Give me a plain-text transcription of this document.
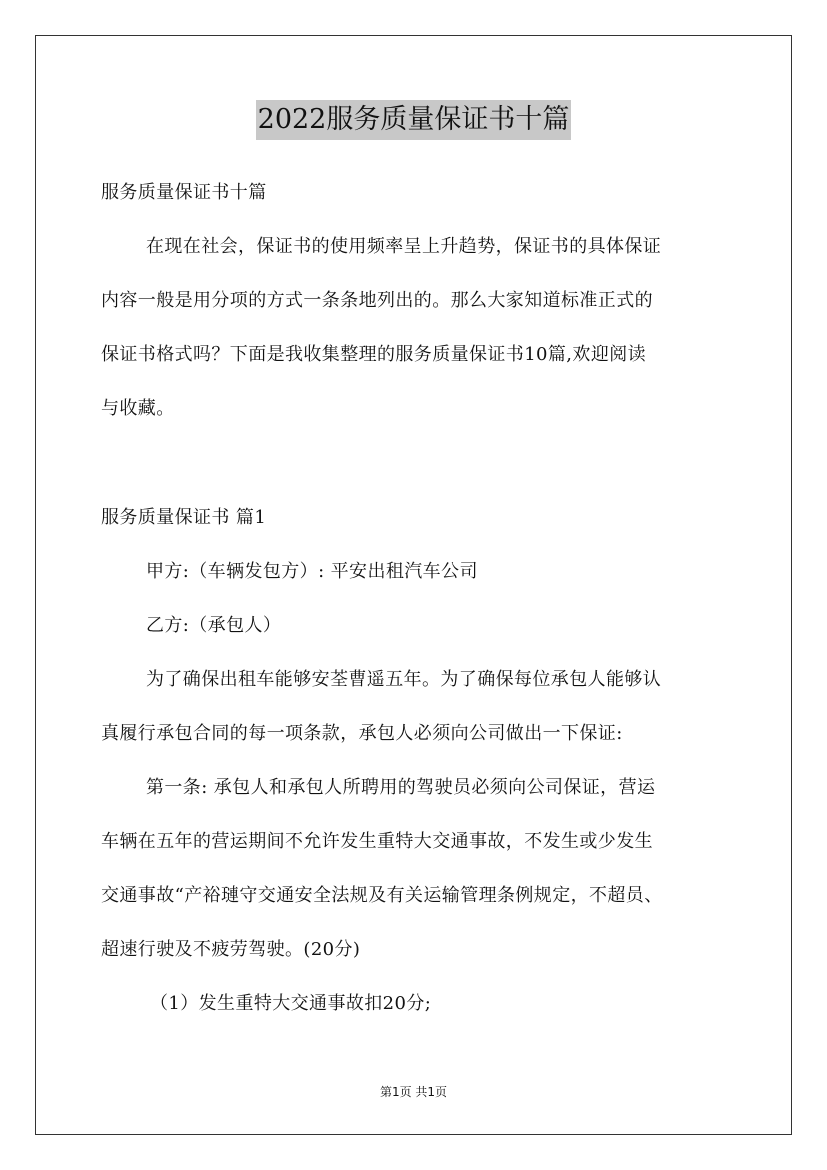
2022服务质量保证书十篇
服务质量保证书十篇
在现在社会，保证书的使用频率呈上升趋势，保证书的具体保证
内容一般是用分项的方式一条条地列出的。那么大家知道标准正式的
保证书格式吗？下面是我收集整理的服务质量保证书10篇,欢迎阅读
与收藏。
服务质量保证书 篇1
甲方:（车辆发包方）: 平安出租汽车公司
乙方:（承包人）
为了确保出租车能够安荃曹遥五年。为了确保每位承包人能够认
真履行承包合同的每一项条款，承包人必须向公司做出一下保证:
第一条: 承包人和承包人所聘用的驾驶员必须向公司保证，营运
车辆在五年的营运期间不允许发生重特大交通事故，不发生或少发生
交通事故“产裕璉守交通安全法规及有关运输管理条例规定，不超员、
超速行驶及不疲劳驾驶。(20分)
（1）发生重特大交通事故扣20分;
第1页 共1页
